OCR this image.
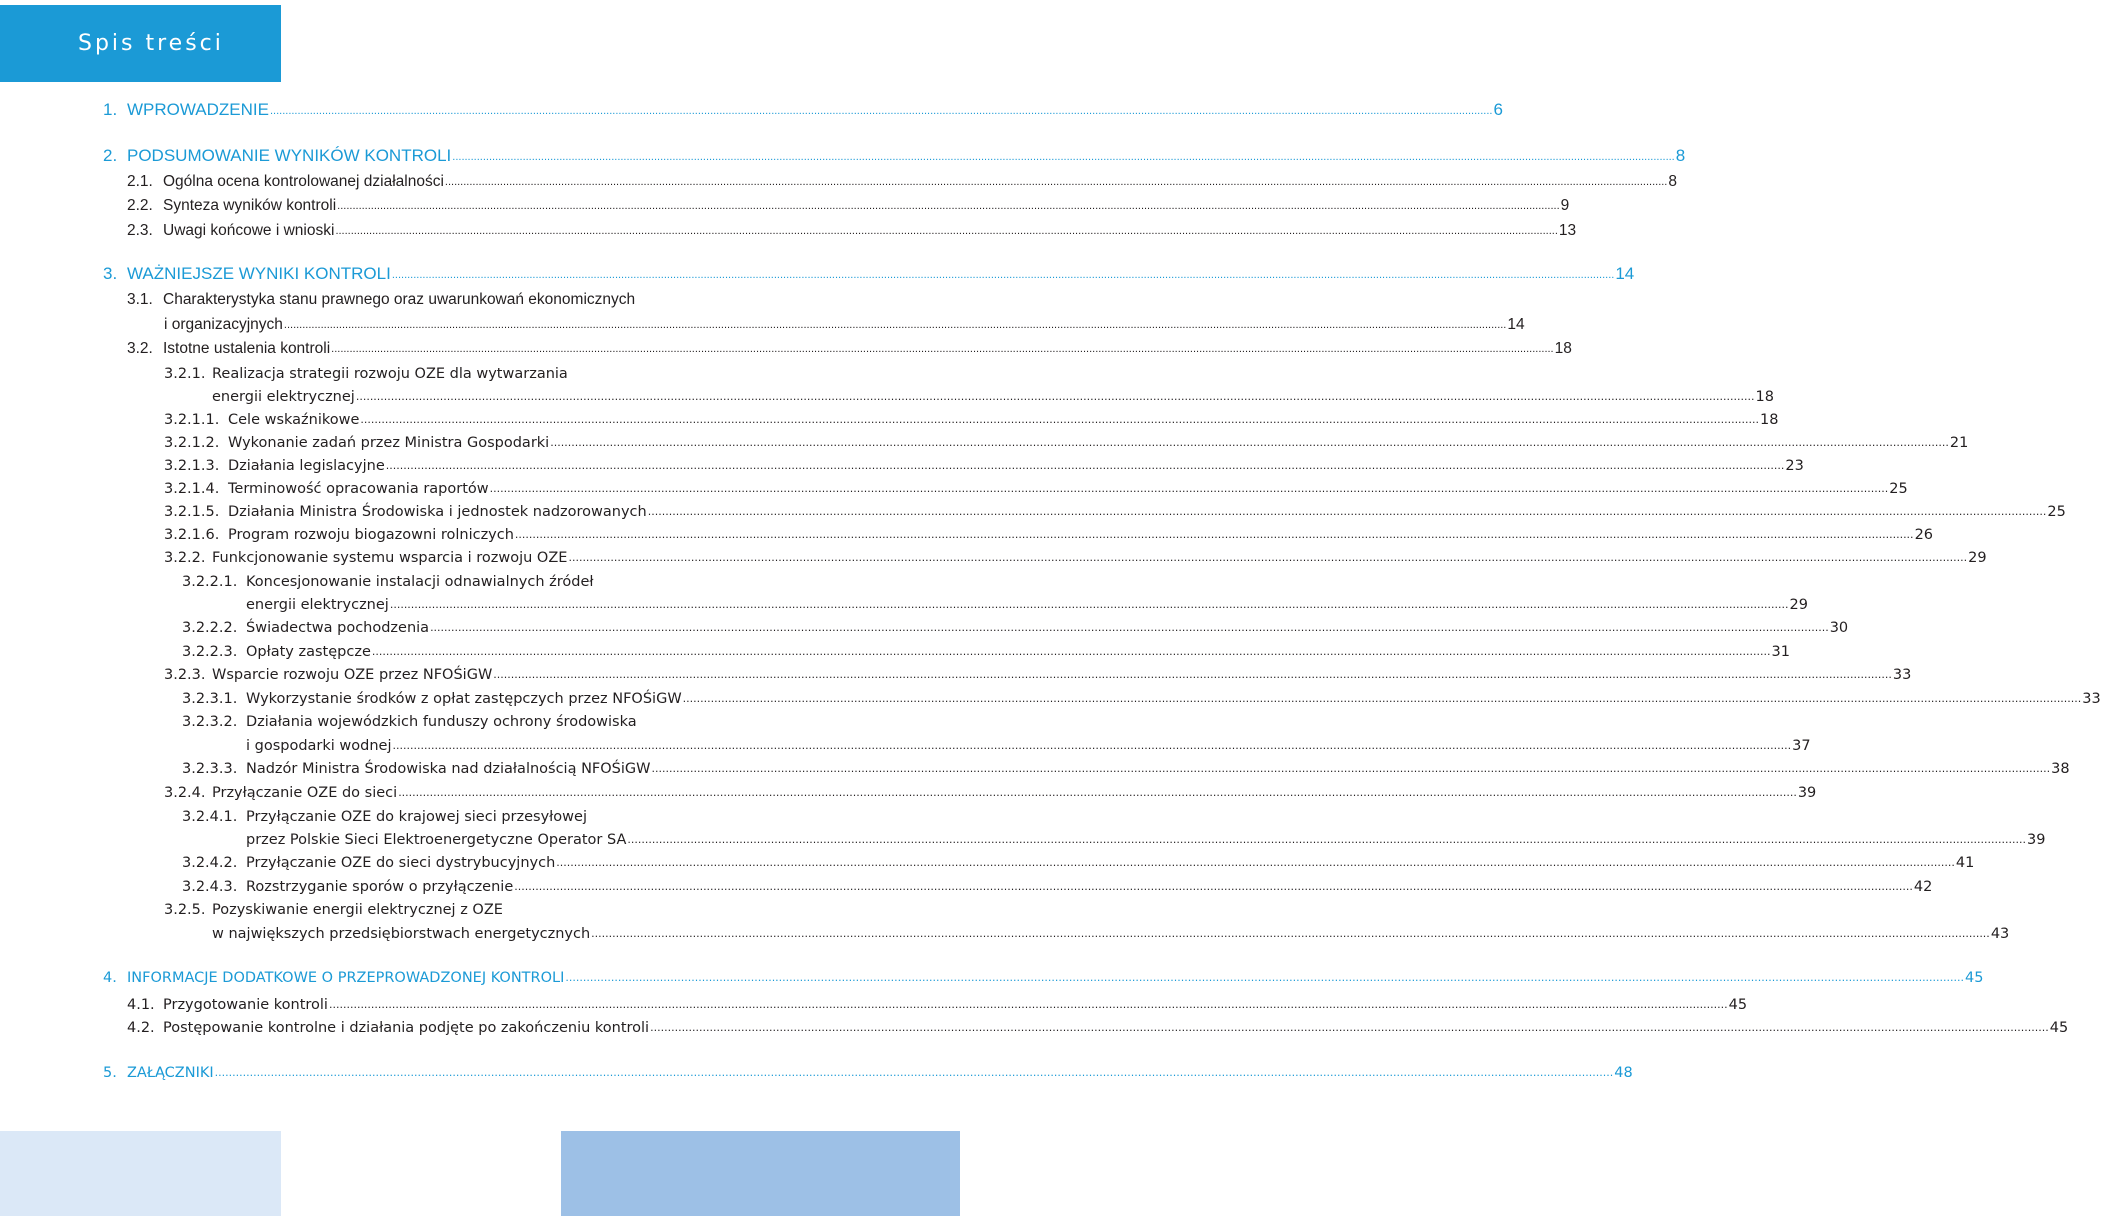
Spis treści
1. WPROWADZENIE ................................................................................................................................................................................................................................................................................................................................................................................................................ 6
2. PODSUMOWANIE WYNIKÓW KONTROLI ................................................................................................................................................................................................................................................................................................................................................................................................................ 8
2.1. Ogólna ocena kontrolowanej działalności ................................................................................................................................................................................................................................................................................................................................................................................................................ 8
2.2. Synteza wyników kontroli ................................................................................................................................................................................................................................................................................................................................................................................................................ 9
2.3. Uwagi końcowe i wnioski ................................................................................................................................................................................................................................................................................................................................................................................................................ 13
3. WAŻNIEJSZE WYNIKI KONTROLI ................................................................................................................................................................................................................................................................................................................................................................................................................ 14
3.1. Charakterystyka stanu prawnego oraz uwarunkowań ekonomicznych
i organizacyjnych ................................................................................................................................................................................................................................................................................................................................................................................................................ 14
3.2. Istotne ustalenia kontroli ................................................................................................................................................................................................................................................................................................................................................................................................................ 18
3.2.1. Realizacja strategii rozwoju OZE dla wytwarzania
energii elektrycznej ................................................................................................................................................................................................................................................................................................................................................................................................................ 18
3.2.1.1. Cele wskaźnikowe ................................................................................................................................................................................................................................................................................................................................................................................................................ 18
3.2.1.2. Wykonanie zadań przez Ministra Gospodarki ................................................................................................................................................................................................................................................................................................................................................................................................................ 21
3.2.1.3. Działania legislacyjne ................................................................................................................................................................................................................................................................................................................................................................................................................ 23
3.2.1.4. Terminowość opracowania raportów ................................................................................................................................................................................................................................................................................................................................................................................................................ 25
3.2.1.5. Działania Ministra Środowiska i jednostek nadzorowanych ................................................................................................................................................................................................................................................................................................................................................................................................................ 25
3.2.1.6. Program rozwoju biogazowni rolniczych ................................................................................................................................................................................................................................................................................................................................................................................................................ 26
3.2.2. Funkcjonowanie systemu wsparcia i rozwoju OZE ................................................................................................................................................................................................................................................................................................................................................................................................................ 29
3.2.2.1. Koncesjonowanie instalacji odnawialnych źródeł
energii elektrycznej ................................................................................................................................................................................................................................................................................................................................................................................................................ 29
3.2.2.2. Świadectwa pochodzenia ................................................................................................................................................................................................................................................................................................................................................................................................................ 30
3.2.2.3. Opłaty zastępcze ................................................................................................................................................................................................................................................................................................................................................................................................................ 31
3.2.3. Wsparcie rozwoju OZE przez NFOŚiGW ................................................................................................................................................................................................................................................................................................................................................................................................................ 33
3.2.3.1. Wykorzystanie środków z opłat zastępczych przez NFOŚiGW ................................................................................................................................................................................................................................................................................................................................................................................................................ 33
3.2.3.2. Działania wojewódzkich funduszy ochrony środowiska
i gospodarki wodnej ................................................................................................................................................................................................................................................................................................................................................................................................................ 37
3.2.3.3. Nadzór Ministra Środowiska nad działalnością NFOŚiGW ................................................................................................................................................................................................................................................................................................................................................................................................................ 38
3.2.4. Przyłączanie OZE do sieci ................................................................................................................................................................................................................................................................................................................................................................................................................ 39
3.2.4.1. Przyłączanie OZE do krajowej sieci przesyłowej
przez Polskie Sieci Elektroenergetyczne Operator SA ................................................................................................................................................................................................................................................................................................................................................................................................................ 39
3.2.4.2. Przyłączanie OZE do sieci dystrybucyjnych ................................................................................................................................................................................................................................................................................................................................................................................................................ 41
3.2.4.3. Rozstrzyganie sporów o przyłączenie ................................................................................................................................................................................................................................................................................................................................................................................................................ 42
3.2.5. Pozyskiwanie energii elektrycznej z OZE
w największych przedsiębiorstwach energetycznych ................................................................................................................................................................................................................................................................................................................................................................................................................ 43
4. INFORMACJE DODATKOWE O PRZEPROWADZONEJ KONTROLI ................................................................................................................................................................................................................................................................................................................................................................................................................ 45
4.1. Przygotowanie kontroli ................................................................................................................................................................................................................................................................................................................................................................................................................ 45
4.2. Postępowanie kontrolne i działania podjęte po zakończeniu kontroli ................................................................................................................................................................................................................................................................................................................................................................................................................ 45
5. ZAŁĄCZNIKI ................................................................................................................................................................................................................................................................................................................................................................................................................ 48
